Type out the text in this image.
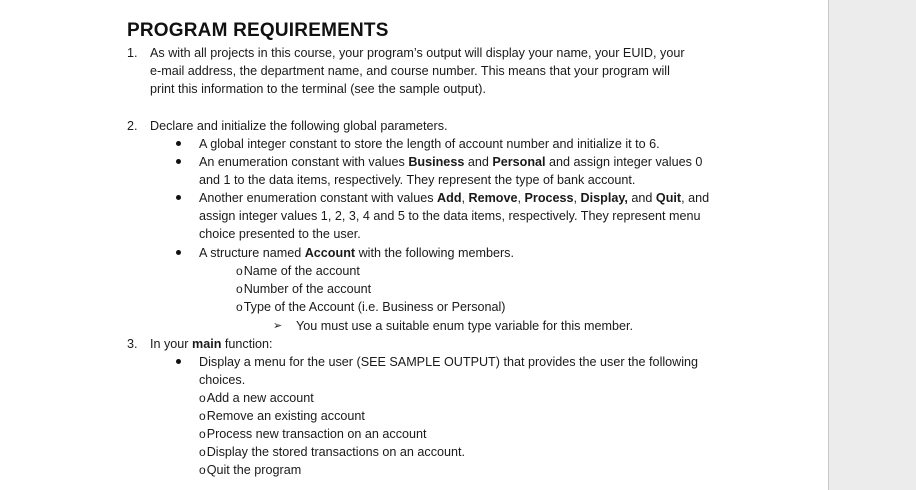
PROGRAM REQUIREMENTS
1. As with all projects in this course, your program’s output will display your name, your EUID, your
e-mail address, the department name, and course number. This means that your program will
print this information to the terminal (see the sample output).
2. Declare and initialize the following global parameters.
A global integer constant to store the length of account number and initialize it to 6.
An enumeration constant with values Business and Personal and assign integer values 0
and 1 to the data items, respectively. They represent the type of bank account.
Another enumeration constant with values Add, Remove, Process, Display, and Quit, and
assign integer values 1, 2, 3, 4 and 5 to the data items, respectively. They represent menu
choice presented to the user.
A structure named Account with the following members.
oName of the account
oNumber of the account
oType of the Account (i.e. Business or Personal)
➢ You must use a suitable enum type variable for this member.
3. In your main function:
Display a menu for the user (SEE SAMPLE OUTPUT) that provides the user the following
choices.
oAdd a new account
oRemove an existing account
oProcess new transaction on an account
oDisplay the stored transactions on an account.
oQuit the program
